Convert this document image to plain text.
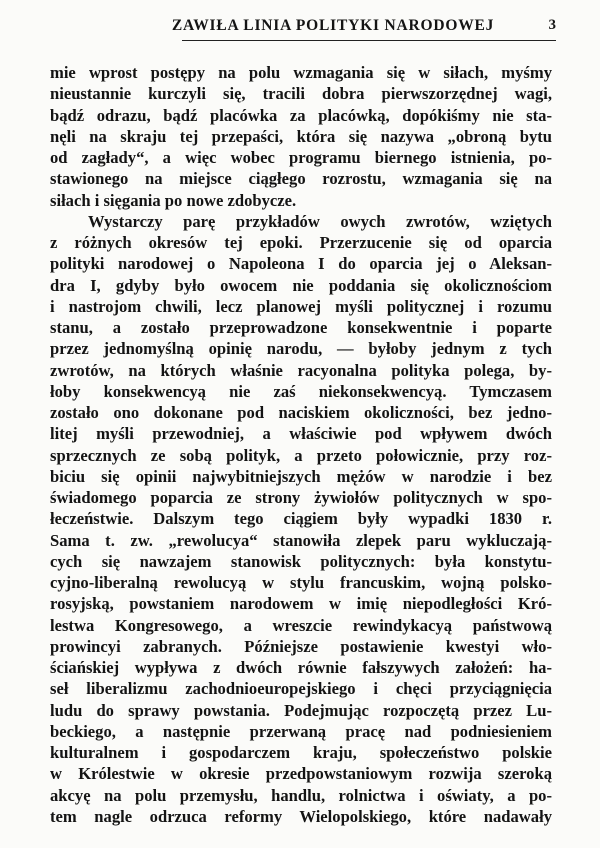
ZAWIŁA LINIA POLITYKI NARODOWEJ	3
mie wprost postępy na polu wzmagania się w siłach, myśmy
nieustannie kurczyli się, tracili dobra pierwszorzędnej wagi,
bądź odrazu, bądź placówka za placówką, dopókiśmy nie sta-
nęli na skraju tej przepaści, która się nazywa „obroną bytu
od zagłady“, a więc wobec programu biernego istnienia, po-
stawionego na miejsce ciągłego rozrostu, wzmagania się na
siłach i sięgania po nowe zdobycze.
Wystarczy parę przykładów owych zwrotów, wziętych
z różnych okresów tej epoki. Przerzucenie się od oparcia
polityki narodowej o Napoleona I do oparcia jej o Aleksan-
dra I, gdyby było owocem nie poddania się okolicznościom
i nastrojom chwili, lecz planowej myśli politycznej i rozumu
stanu, a zostało przeprowadzone konsekwentnie i poparte
przez jednomyślną opinię narodu, — byłoby jednym z tych
zwrotów, na których właśnie racyonalna polityka polega, by-
łoby konsekwencyą nie zaś niekonsekwencyą. Tymczasem
zostało ono dokonane pod naciskiem okoliczności, bez jedno-
litej myśli przewodniej, a właściwie pod wpływem dwóch
sprzecznych ze sobą polityk, a przeto połowicznie, przy roz-
biciu się opinii najwybitniejszych mężów w narodzie i bez
świadomego poparcia ze strony żywiołów politycznych w spo-
łeczeństwie. Dalszym tego ciągiem były wypadki 1830 r.
Sama t. zw. „rewolucya“ stanowiła zlepek paru wykluczają-
cych się nawzajem stanowisk politycznych: była konstytu-
cyjno-liberalną rewolucyą w stylu francuskim, wojną polsko-
rosyjską, powstaniem narodowem w imię niepodległości Kró-
lestwa Kongresowego, a wreszcie rewindykacyą państwową
prowincyi zabranych. Późniejsze postawienie kwestyi wło-
ściańskiej wypływa z dwóch równie fałszywych założeń: ha-
seł liberalizmu zachodnioeuropejskiego i chęci przyciągnięcia
ludu do sprawy powstania. Podejmując rozpoczętą przez Lu-
beckiego, a następnie przerwaną pracę nad podniesieniem
kulturalnem i gospodarczem kraju, społeczeństwo polskie
w Królestwie w okresie przedpowstaniowym rozwija szeroką
akcyę na polu przemysłu, handlu, rolnictwa i oświaty, a po-
tem nagle odrzuca reformy Wielopolskiego, które nadawały
